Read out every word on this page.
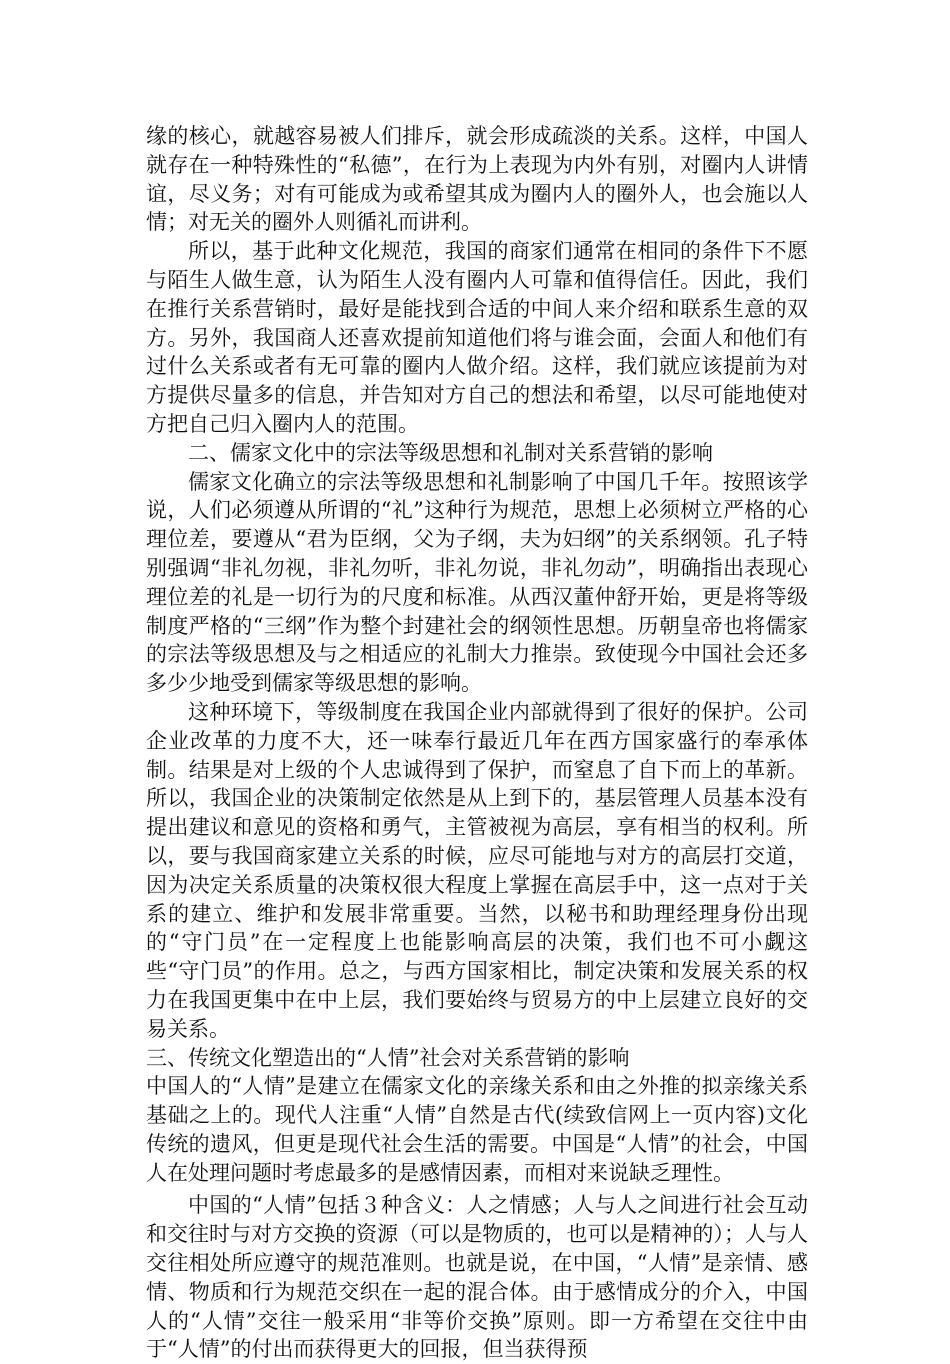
缘的核心，就越容易被人们排斥，就会形成疏淡的关系。这样，中国人就存在一种特殊性的“私德”，在行为上表现为内外有别，对圈内人讲情谊，尽义务；对有可能成为或希望其成为圈内人的圈外人，也会施以人情；对无关的圈外人则循礼而讲利。

所以，基于此种文化规范，我国的商家们通常在相同的条件下不愿与陌生人做生意，认为陌生人没有圈内人可靠和值得信任。因此，我们在推行关系营销时，最好是能找到合适的中间人来介绍和联系生意的双方。另外，我国商人还喜欢提前知道他们将与谁会面，会面人和他们有过什么关系或者有无可靠的圈内人做介绍。这样，我们就应该提前为对方提供尽量多的信息，并告知对方自己的想法和希望，以尽可能地使对方把自己归入圈内人的范围。

二、儒家文化中的宗法等级思想和礼制对关系营销的影响

儒家文化确立的宗法等级思想和礼制影响了中国几千年。按照该学说，人们必须遵从所谓的“礼”这种行为规范，思想上必须树立严格的心理位差，要遵从“君为臣纲，父为子纲，夫为妇纲”的关系纲领。孔子特别强调“非礼勿视，非礼勿听，非礼勿说，非礼勿动”，明确指出表现心理位差的礼是一切行为的尺度和标准。从西汉董仲舒开始，更是将等级制度严格的“三纲”作为整个封建社会的纲领性思想。历朝皇帝也将儒家的宗法等级思想及与之相适应的礼制大力推崇。致使现今中国社会还多多少少地受到儒家等级思想的影响。

这种环境下，等级制度在我国企业内部就得到了很好的保护。公司企业改革的力度不大，还一味奉行最近几年在西方国家盛行的奉承体制。结果是对上级的个人忠诚得到了保护，而窒息了自下而上的革新。所以，我国企业的决策制定依然是从上到下的，基层管理人员基本没有提出建议和意见的资格和勇气，主管被视为高层，享有相当的权利。所以，要与我国商家建立关系的时候，应尽可能地与对方的高层打交道，因为决定关系质量的决策权很大程度上掌握在高层手中，这一点对于关系的建立、维护和发展非常重要。当然，以秘书和助理经理身份出现的“守门员”在一定程度上也能影响高层的决策，我们也不可小觑这些“守门员”的作用。总之，与西方国家相比，制定决策和发展关系的权力在我国更集中在中上层，我们要始终与贸易方的中上层建立良好的交易关系。

三、传统文化塑造出的“人情”社会对关系营销的影响

中国人的“人情”是建立在儒家文化的亲缘关系和由之外推的拟亲缘关系基础之上的。现代人注重“人情”自然是古代(续致信网上一页内容)文化传统的遗风，但更是现代社会生活的需要。中国是“人情”的社会，中国人在处理问题时考虑最多的是感情因素，而相对来说缺乏理性。

中国的“人情”包括３种含义：人之情感；人与人之间进行社会互动和交往时与对方交换的资源（可以是物质的，也可以是精神的）；人与人交往相处所应遵守的规范准则。也就是说，在中国，“人情”是亲情、感情、物质和行为规范交织在一起的混合体。由于感情成分的介入，中国人的“人情”交往一般采用“非等价交换”原则。即一方希望在交往中由于“人情”的付出而获得更大的回报，但当获得预
